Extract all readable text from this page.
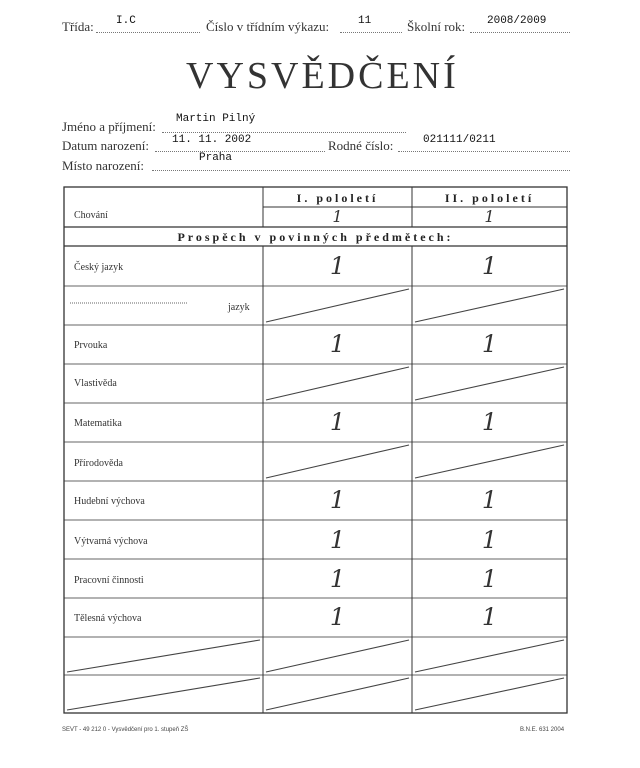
Třída: I.C	Číslo v třídním výkazu:	11	Školní rok: 2008/2009
VYSVĚDČENÍ
Jméno a příjmení: Martin Pilný
Datum narození: 11. 11. 2002	Rodné číslo:	021111/0211
Místo narození:	Praha
I. pololetí	II. pololetí
Chování	1	1
Prospěch v povinných předmětech:
Český jazyk	1	1
jazyk
Prvouka	1	1
Vlastivěda
Matematika	1	1
Přírodověda
Hudební výchova	1	1
Výtvarná výchova	1	1
Pracovní činnosti	1	1
Tělesná výchova	1	1
SEVT - 49 212 0 - Vysvědčení pro 1. stupeň ZŠ	B.N.E. 631 2004
